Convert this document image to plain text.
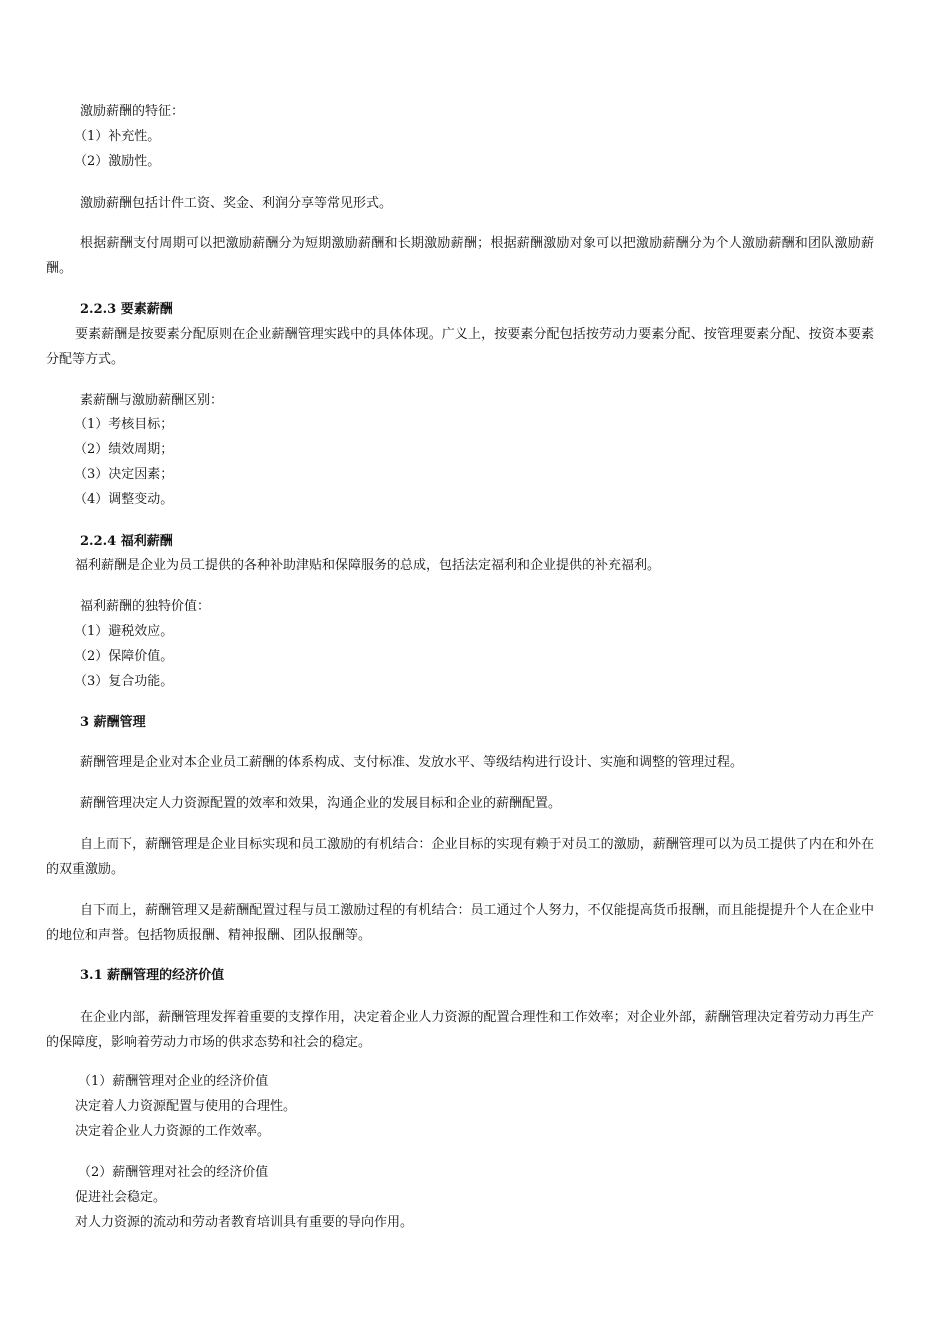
激励薪酬的特征：
（1）补充性。
（2）激励性。
激励薪酬包括计件工资、奖金、利润分享等常见形式。
根据薪酬支付周期可以把激励薪酬分为短期激励薪酬和长期激励薪酬；根据薪酬激励对象可以把激励薪酬分为个人激励薪酬和团队激励薪酬。
2.2.3 要素薪酬
要素薪酬是按要素分配原则在企业薪酬管理实践中的具体体现。广义上，按要素分配包括按劳动力要素分配、按管理要素分配、按资本要素分配等方式。
素薪酬与激励薪酬区别：
（1）考核目标；
（2）绩效周期；
（3）决定因素；
（4）调整变动。
2.2.4 福利薪酬
福利薪酬是企业为员工提供的各种补助津贴和保障服务的总成，包括法定福利和企业提供的补充福利。
福利薪酬的独特价值：
（1）避税效应。
（2）保障价值。
（3）复合功能。
3 薪酬管理
薪酬管理是企业对本企业员工薪酬的体系构成、支付标准、发放水平、等级结构进行设计、实施和调整的管理过程。
薪酬管理决定人力资源配置的效率和效果，沟通企业的发展目标和企业的薪酬配置。
自上而下，薪酬管理是企业目标实现和员工激励的有机结合：企业目标的实现有赖于对员工的激励，薪酬管理可以为员工提供了内在和外在的双重激励。
自下而上，薪酬管理又是薪酬配置过程与员工激励过程的有机结合：员工通过个人努力，不仅能提高货币报酬，而且能提提升个人在企业中的地位和声誉。包括物质报酬、精神报酬、团队报酬等。
3.1 薪酬管理的经济价值
在企业内部，薪酬管理发挥着重要的支撑作用，决定着企业人力资源的配置合理性和工作效率；对企业外部，薪酬管理决定着劳动力再生产的保障度，影响着劳动力市场的供求态势和社会的稳定。
（1）薪酬管理对企业的经济价值
决定着人力资源配置与使用的合理性。
决定着企业人力资源的工作效率。
（2）薪酬管理对社会的经济价值
促进社会稳定。
对人力资源的流动和劳动者教育培训具有重要的导向作用。
